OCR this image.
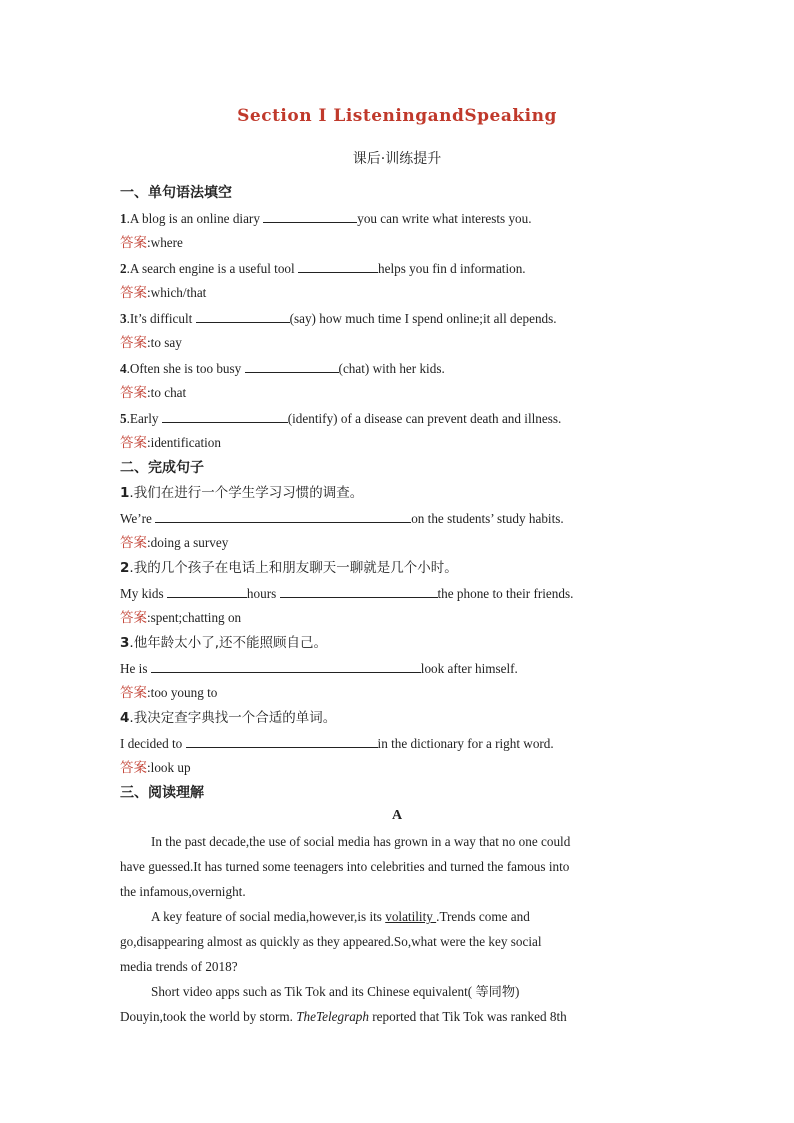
Section Ⅰ ListeningandSpeaking
课后·训练提升
一、单句语法填空
1.A blog is an online diary	you can write what interests you.
答案:where
2.A search engine is a useful tool	helps you fin d information.
答案:which/that
3.It’s difficult	(say) how much time I spend online;it all depends.
答案:to say
4.Often she is too busy	(chat) with her kids.
答案:to chat
5.Early	(identify) of a disease can prevent death and illness.
答案:identification
二、完成句子
1.我们在进行一个学生学习习惯的调查。
We’re	on the students’ study habits.
答案:doing a survey
2.我的几个孩子在电话上和朋友聊天一聊就是几个小时。
My kids	hours	the phone to their friends.
答案:spent;chatting on
3.他年龄太小了,还不能照顾自己。
He is	look after himself.
答案:too young to
4.我决定查字典找一个合适的单词。
I decided to	in the dictionary for a right word.
答案:look up
三、阅读理解
A
In the past decade,the use of social media has grown in a way that no one could
have guessed.It has turned some teenagers into celebrities and turned the famous into
the infamous,overnight.
A key feature of social media,however,is its volatility .Trends come and
go,disappearing almost as quickly as they appeared.So,what were the key social
media trends of 2018?
Short video apps such as Tik Tok and its Chinese equivalent( 等同物)
Douyin,took the world by storm. TheTelegraph reported that Tik Tok was ranked 8th
